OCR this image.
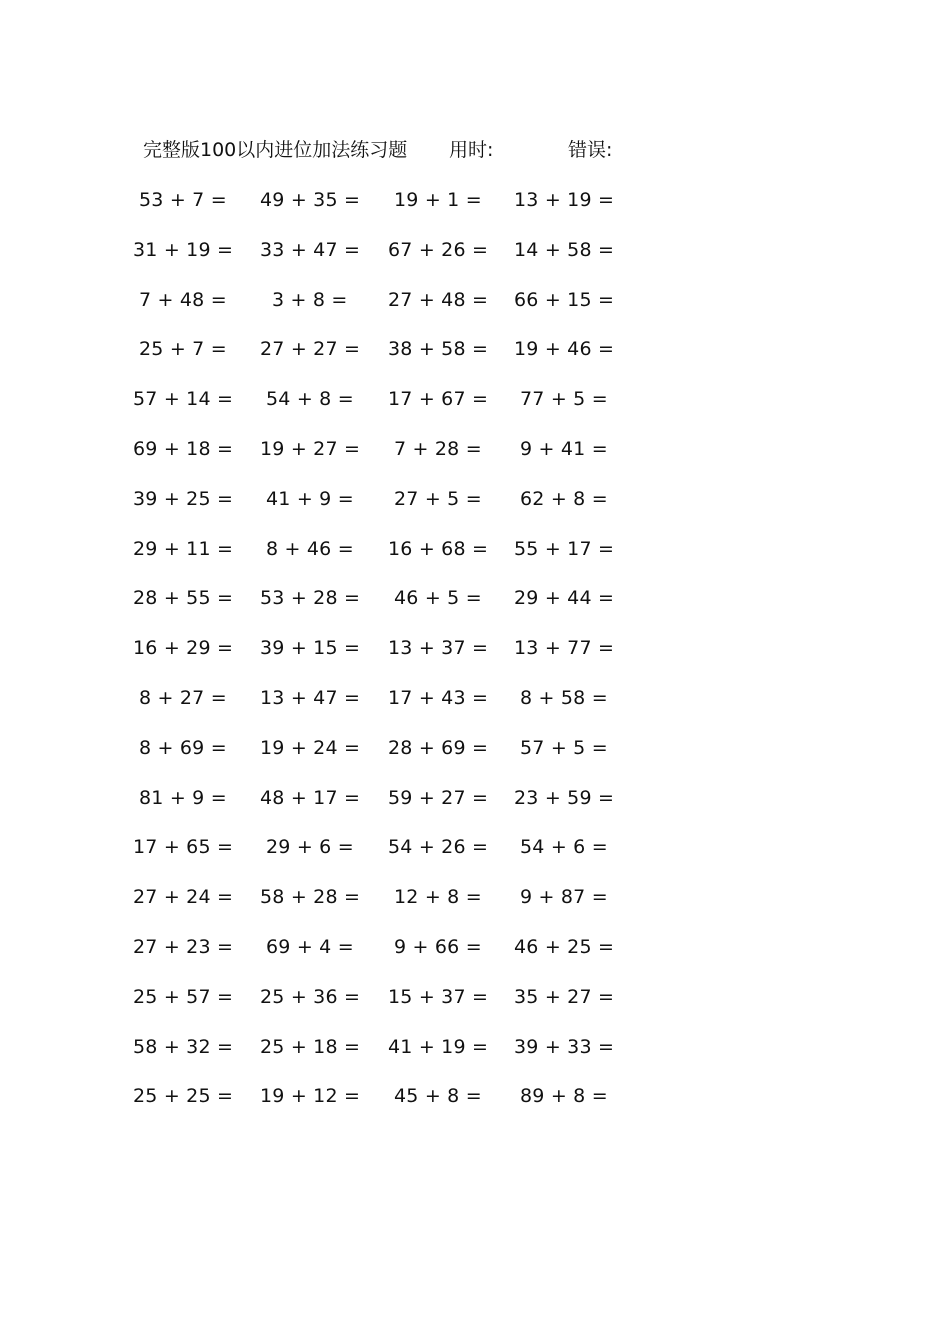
完整版100以内进位加法练习题 用时:	错误:
53 + 7 = 49 + 35 = 19 + 1 = 13 + 19 =
31 + 19 = 33 + 47 = 67 + 26 = 14 + 58 =
7 + 48 = 3 + 8 = 27 + 48 = 66 + 15 =
25 + 7 = 27 + 27 = 38 + 58 = 19 + 46 =
57 + 14 = 54 + 8 = 17 + 67 = 77 + 5 =
69 + 18 = 19 + 27 = 7 + 28 = 9 + 41 =
39 + 25 = 41 + 9 = 27 + 5 = 62 + 8 =
29 + 11 = 8 + 46 = 16 + 68 = 55 + 17 =
28 + 55 = 53 + 28 = 46 + 5 = 29 + 44 =
16 + 29 = 39 + 15 = 13 + 37 = 13 + 77 =
8 + 27 = 13 + 47 = 17 + 43 = 8 + 58 =
8 + 69 = 19 + 24 = 28 + 69 = 57 + 5 =
81 + 9 = 48 + 17 = 59 + 27 = 23 + 59 =
17 + 65 = 29 + 6 = 54 + 26 = 54 + 6 =
27 + 24 = 58 + 28 = 12 + 8 = 9 + 87 =
27 + 23 = 69 + 4 = 9 + 66 = 46 + 25 =
25 + 57 = 25 + 36 = 15 + 37 = 35 + 27 =
58 + 32 = 25 + 18 = 41 + 19 = 39 + 33 =
25 + 25 = 19 + 12 = 45 + 8 = 89 + 8 =
